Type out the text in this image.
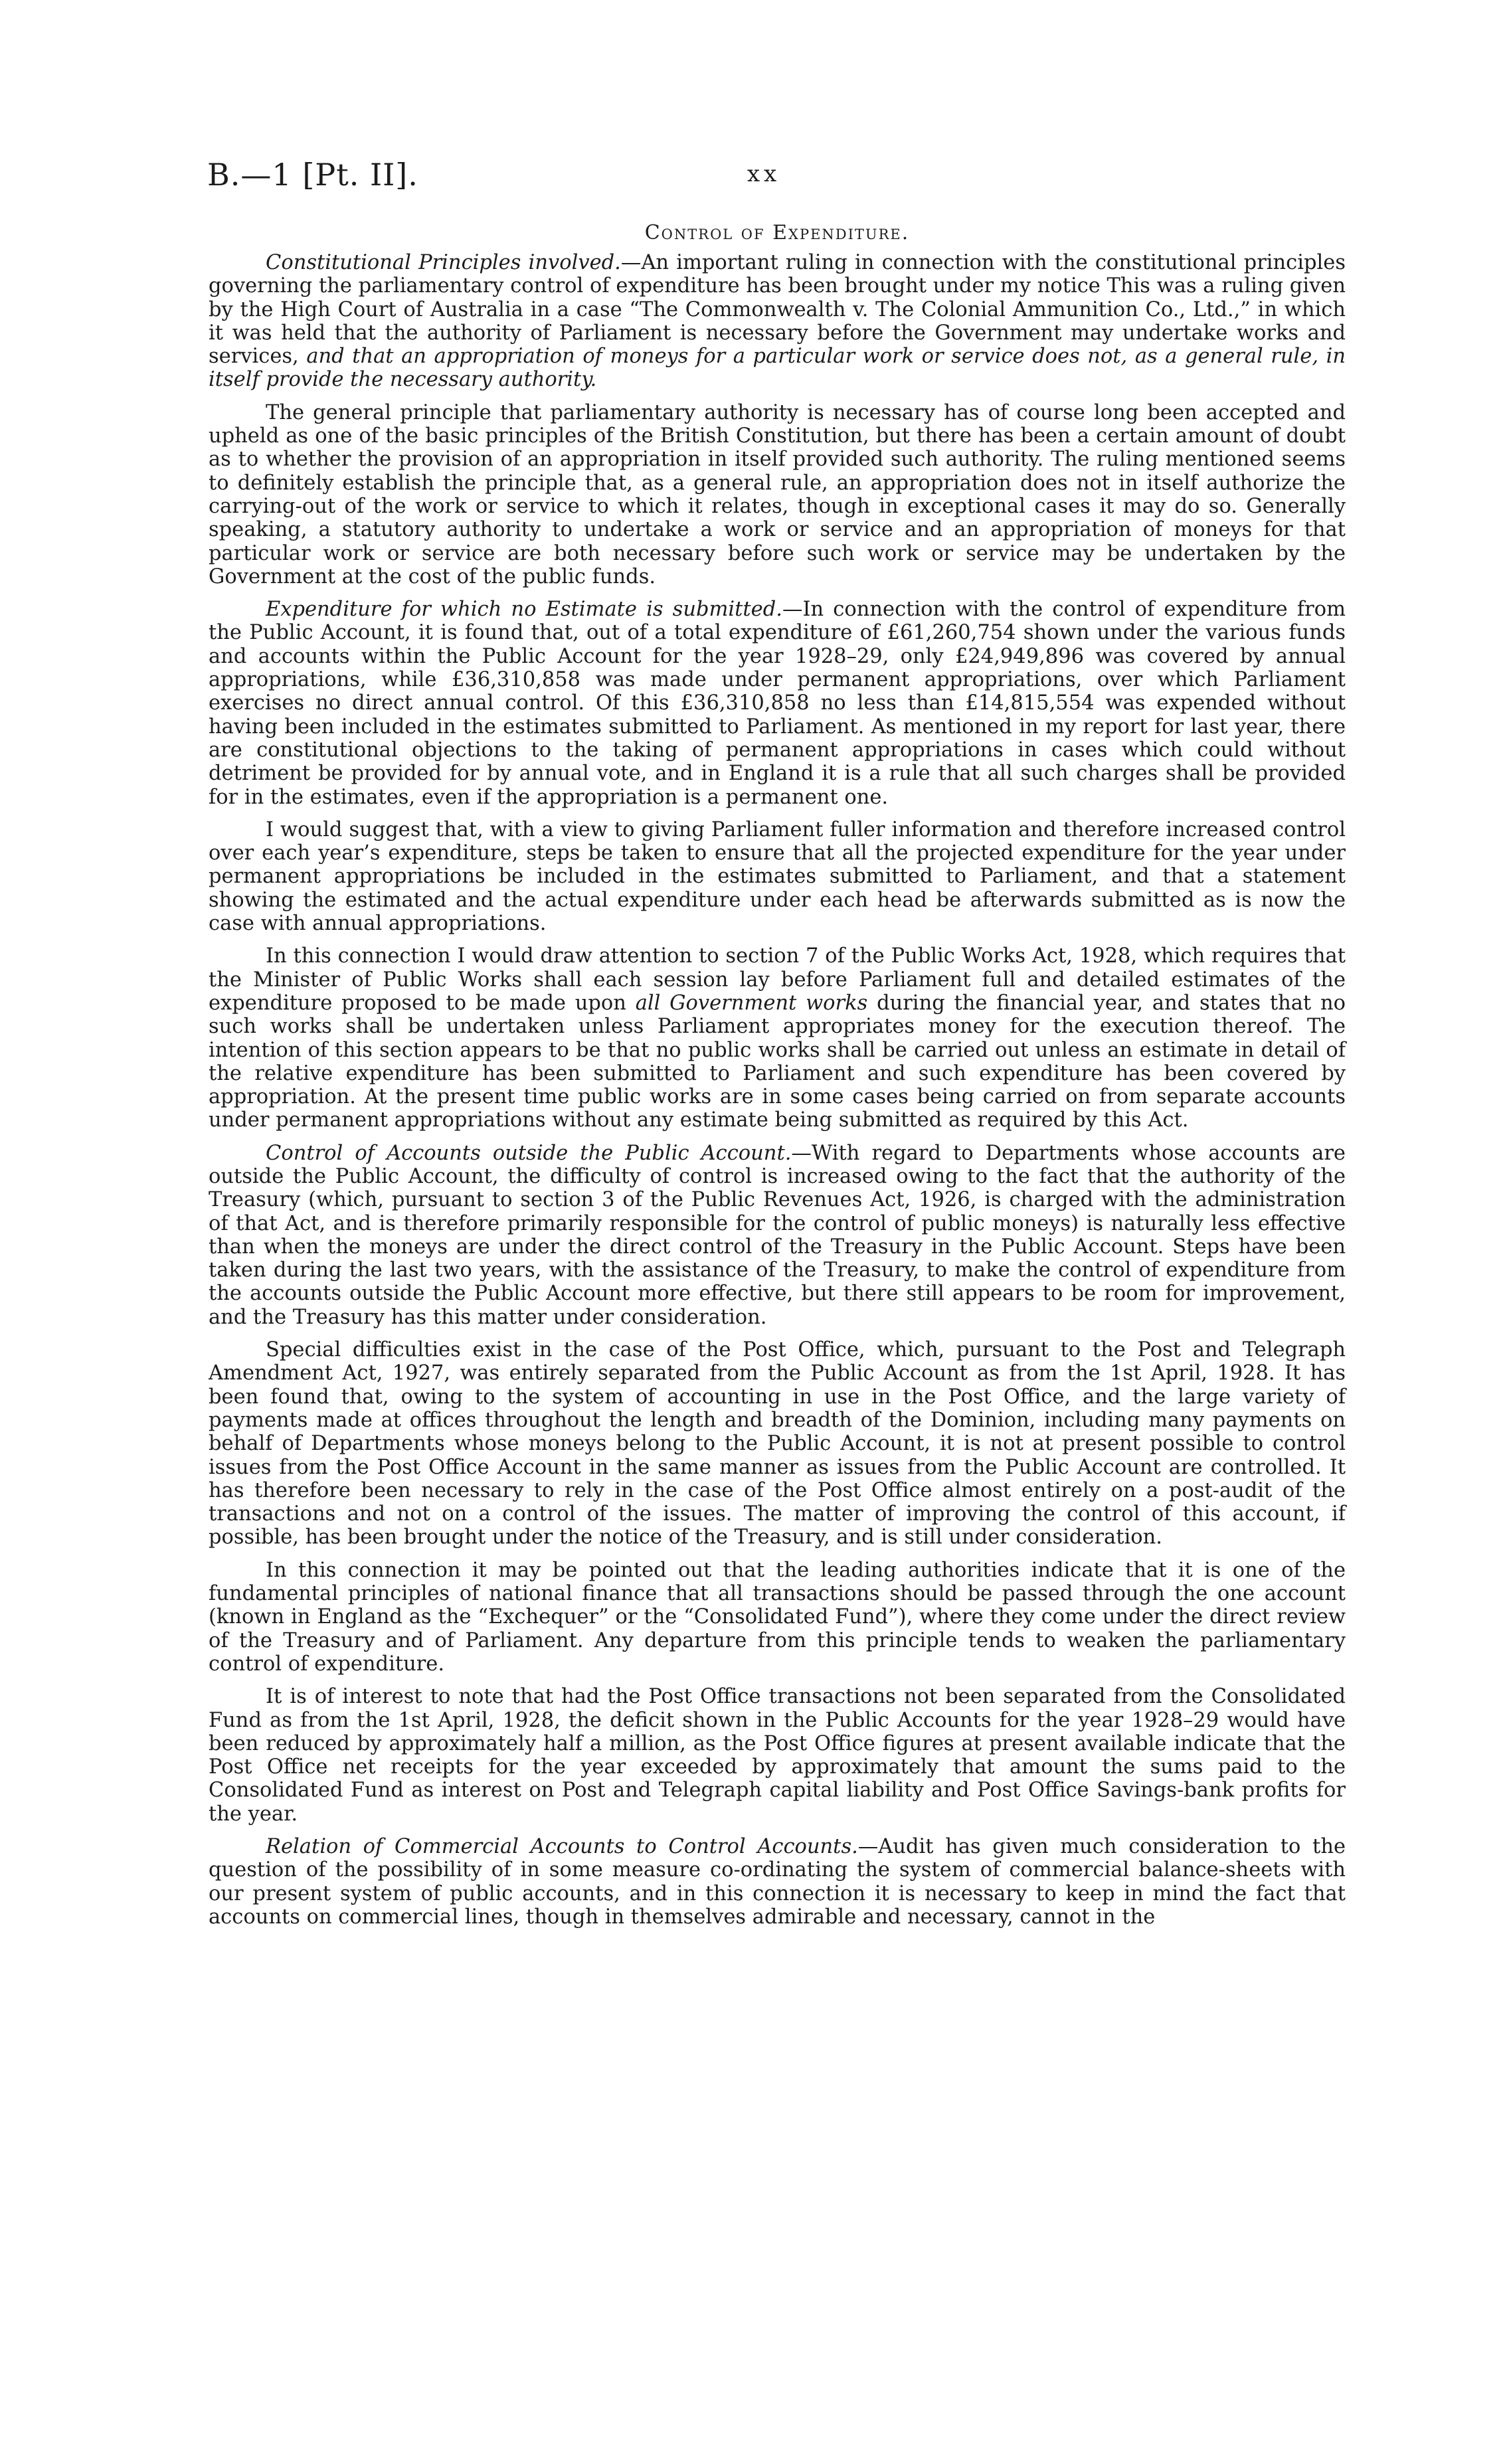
B.—1 [Pt. II].	xx
Control of Expenditure.

Constitutional Principles involved.—An important ruling in connection with the constitutional principles governing the parliamentary control of expenditure has been brought under my notice This was a ruling given by the High Court of Australia in a case “The Commonwealth v. The Colonial Ammunition Co., Ltd.,” in which it was held that the authority of Parliament is necessary before the Government may undertake works and services, and that an appropriation of moneys for a particular work or service does not, as a general rule, in itself provide the necessary authority.

The general principle that parliamentary authority is necessary has of course long been accepted and upheld as one of the basic principles of the British Constitution, but there has been a certain amount of doubt as to whether the provision of an appropriation in itself provided such authority. The ruling mentioned seems to definitely establish the principle that, as a general rule, an appropriation does not in itself authorize the carrying-out of the work or service to which it relates, though in exceptional cases it may do so. Generally speaking, a statutory authority to undertake a work or service and an appropriation of moneys for that particular work or service are both necessary before such work or service may be undertaken by the Government at the cost of the public funds.

Expenditure for which no Estimate is submitted.—In connection with the control of expenditure from the Public Account, it is found that, out of a total expenditure of £61,260,754 shown under the various funds and accounts within the Public Account for the year 1928–29, only £24,949,896 was covered by annual appropriations, while £36,310,858 was made under permanent appropriations, over which Parliament exercises no direct annual control. Of this £36,310,858 no less than £14,815,554 was expended without having been included in the estimates submitted to Parliament. As mentioned in my report for last year, there are constitutional objections to the taking of permanent appropriations in cases which could without detriment be provided for by annual vote, and in England it is a rule that all such charges shall be provided for in the estimates, even if the appropriation is a permanent one.

I would suggest that, with a view to giving Parliament fuller information and therefore increased control over each year’s expenditure, steps be taken to ensure that all the projected expenditure for the year under permanent appropriations be included in the estimates submitted to Parliament, and that a statement showing the estimated and the actual expenditure under each head be afterwards submitted as is now the case with annual appropriations.

In this connection I would draw attention to section 7 of the Public Works Act, 1928, which requires that the Minister of Public Works shall each session lay before Parliament full and detailed estimates of the expenditure proposed to be made upon all Government works during the financial year, and states that no such works shall be undertaken unless Parliament appropriates money for the execution thereof. The intention of this section appears to be that no public works shall be carried out unless an estimate in detail of the relative expenditure has been submitted to Parliament and such expenditure has been covered by appropriation. At the present time public works are in some cases being carried on from separate accounts under permanent appropriations without any estimate being submitted as required by this Act.

Control of Accounts outside the Public Account.—With regard to Departments whose accounts are outside the Public Account, the difficulty of control is increased owing to the fact that the authority of the Treasury (which, pursuant to section 3 of the Public Revenues Act, 1926, is charged with the administration of that Act, and is therefore primarily responsible for the control of public moneys) is naturally less effective than when the moneys are under the direct control of the Treasury in the Public Account. Steps have been taken during the last two years, with the assistance of the Treasury, to make the control of expenditure from the accounts outside the Public Account more effective, but there still appears to be room for improvement, and the Treasury has this matter under consideration.

Special difficulties exist in the case of the Post Office, which, pursuant to the Post and Telegraph Amendment Act, 1927, was entirely separated from the Public Account as from the 1st April, 1928. It has been found that, owing to the system of accounting in use in the Post Office, and the large variety of payments made at offices throughout the length and breadth of the Dominion, including many payments on behalf of Departments whose moneys belong to the Public Account, it is not at present possible to control issues from the Post Office Account in the same manner as issues from the Public Account are controlled. It has therefore been necessary to rely in the case of the Post Office almost entirely on a post-audit of the transactions and not on a control of the issues. The matter of improving the control of this account, if possible, has been brought under the notice of the Treasury, and is still under consideration.

In this connection it may be pointed out that the leading authorities indicate that it is one of the fundamental principles of national finance that all transactions should be passed through the one account (known in England as the “Exchequer” or the “Consolidated Fund”), where they come under the direct review of the Treasury and of Parliament. Any departure from this principle tends to weaken the parliamentary control of expenditure.

It is of interest to note that had the Post Office transactions not been separated from the Consolidated Fund as from the 1st April, 1928, the deficit shown in the Public Accounts for the year 1928–29 would have been reduced by approximately half a million, as the Post Office figures at present available indicate that the Post Office net receipts for the year exceeded by approximately that amount the sums paid to the Consolidated Fund as interest on Post and Telegraph capital liability and Post Office Savings-bank profits for the year.

Relation of Commercial Accounts to Control Accounts.—Audit has given much consideration to the question of the possibility of in some measure co-ordinating the system of commercial balance-sheets with our present system of public accounts, and in this connection it is necessary to keep in mind the fact that accounts on commercial lines, though in themselves admirable and necessary, cannot in the
